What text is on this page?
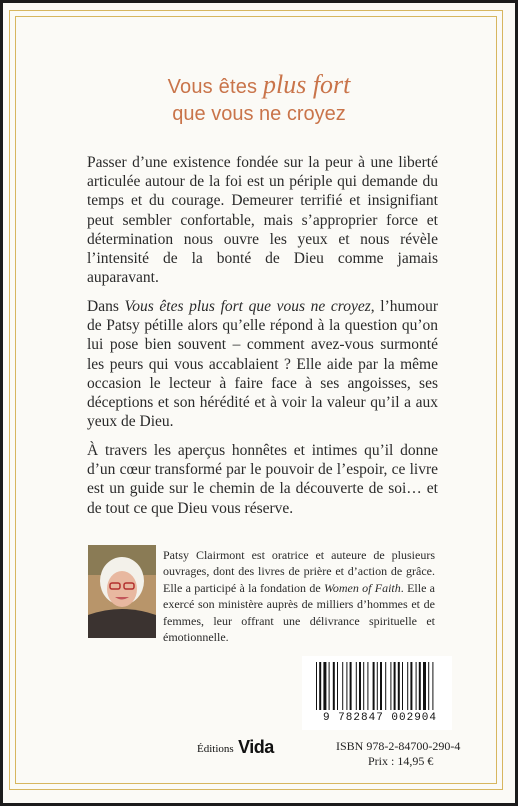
Vous êtes plus fort
que vous ne croyez

Passer d’une existence fondée sur la peur à une liberté articulée autour de la foi est un périple qui demande du temps et du courage. Demeurer terrifié et insignifiant peut sembler confortable, mais s’approprier force et détermination nous ouvre les yeux et nous révèle l’intensité de la bonté de Dieu comme jamais auparavant.

Dans Vous êtes plus fort que vous ne croyez, l’humour de Patsy pétille alors qu’elle répond à la question qu’on lui pose bien souvent – comment avez-vous surmonté les peurs qui vous accablaient ? Elle aide par la même occasion le lecteur à faire face à ses angoisses, ses déceptions et son hérédité et à voir la valeur qu’il a aux yeux de Dieu.

À travers les aperçus honnêtes et intimes qu’il donne d’un cœur transformé par le pouvoir de l’espoir, ce livre est un guide sur le chemin de la découverte de soi… et de tout ce que Dieu vous réserve.

Patsy Clairmont est oratrice et auteure de plusieurs ouvrages, dont des livres de prière et d’action de grâce. Elle a participé à la fondation de Women of Faith. Elle a exercé son ministère auprès de milliers d’hommes et de femmes, leur offrant une délivrance spirituelle et émotionnelle.

9 782847 002904
Éditions Vida	ISBN 978-2-84700-290-4
Prix : 14,95 €
